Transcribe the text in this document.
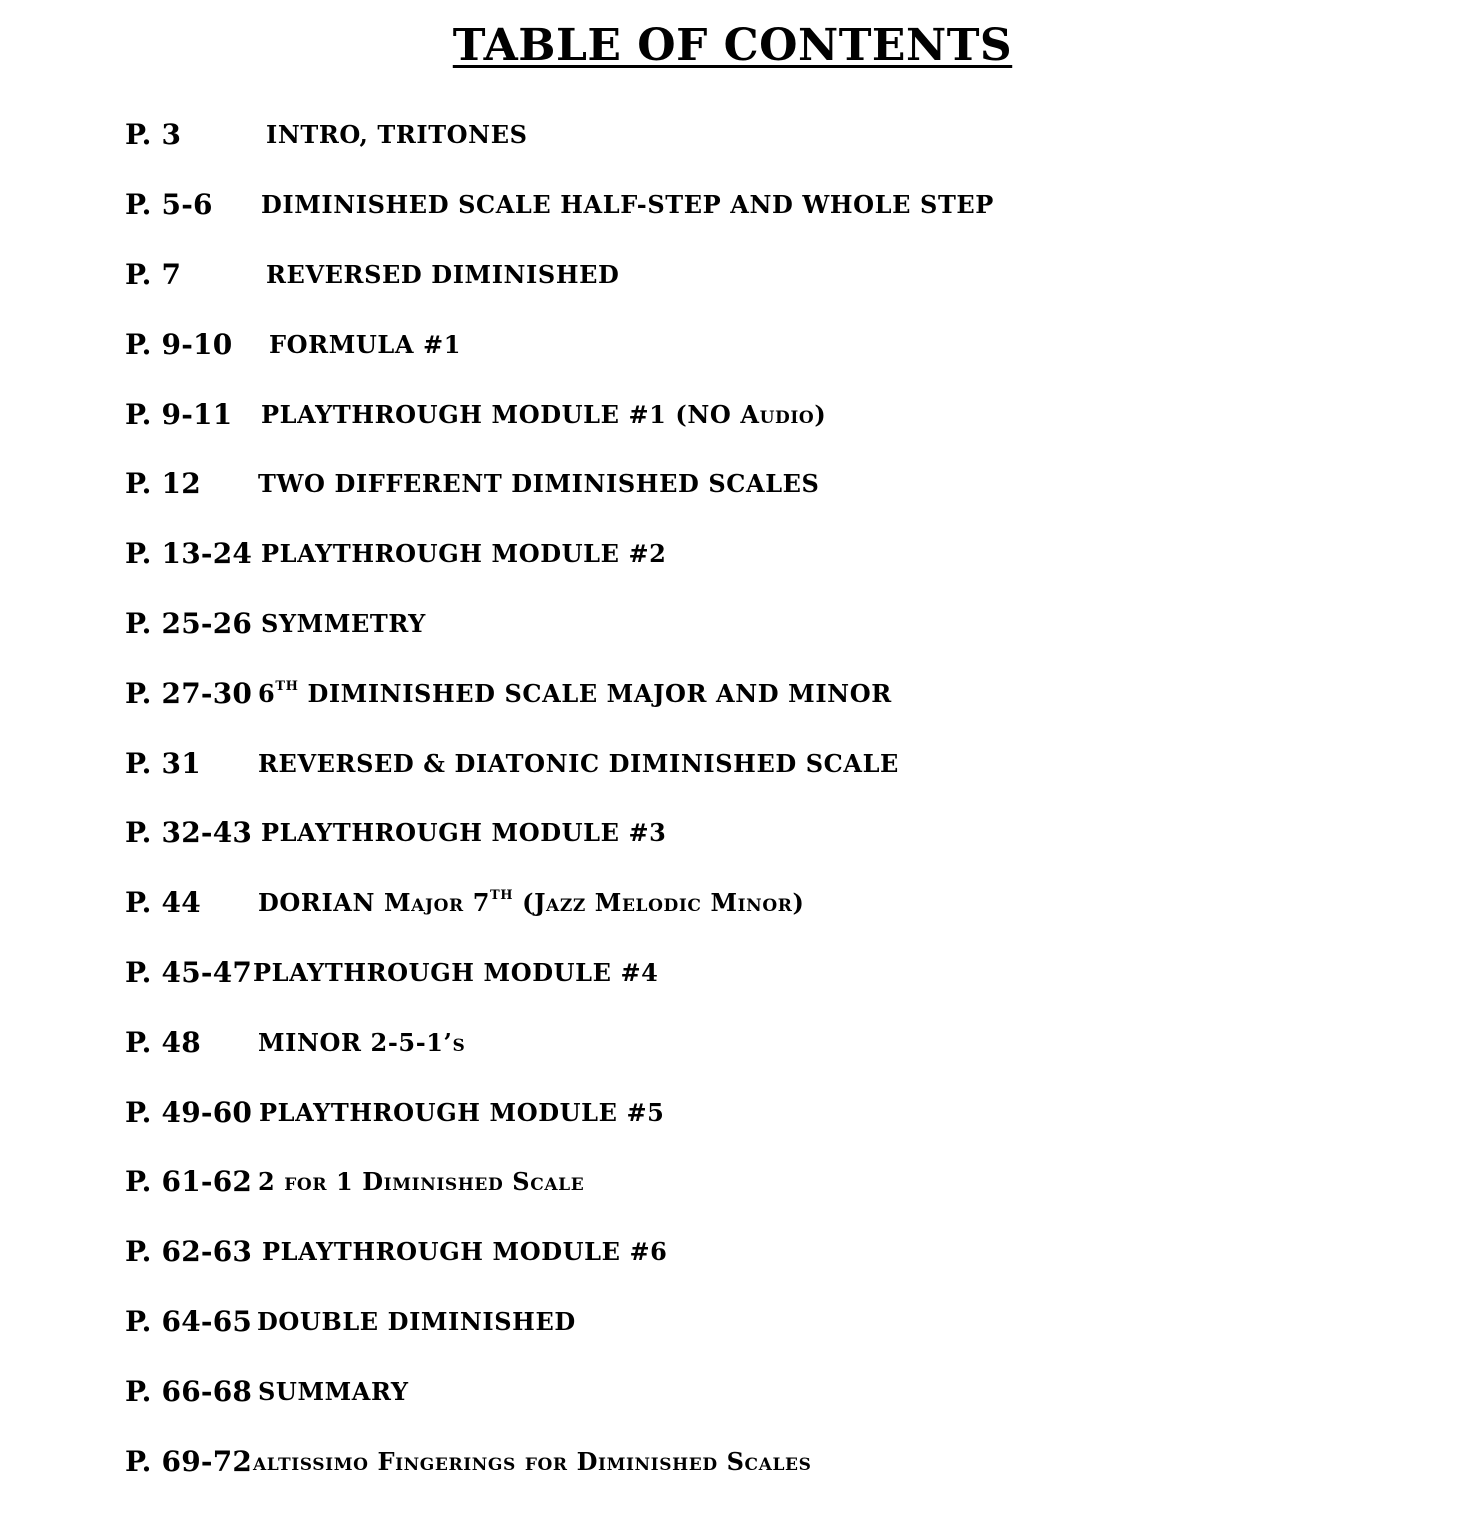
TABLE OF CONTENTS
P. 3	INTRO, TRITONES
P. 5-6	DIMINISHED SCALE HALF-STEP AND WHOLE STEP
P. 7	REVERSED DIMINISHED
P. 9-10	FORMULA #1
P. 9-11	PLAYTHROUGH MODULE #1 (NO Audio)
P. 12	TWO DIFFERENT DIMINISHED SCALES
P. 13-24 PLAYTHROUGH MODULE #2
P. 25-26 SYMMETRY
P. 27-30 6TH DIMINISHED SCALE MAJOR AND MINOR
P. 31	REVERSED & DIATONIC DIMINISHED SCALE
P. 32-43 PLAYTHROUGH MODULE #3
P. 44	DORIAN Major 7TH (Jazz Melodic Minor)
P. 45-47 PLAYTHROUGH MODULE #4
P. 48	MINOR 2-5-1’s
P. 49-60 PLAYTHROUGH MODULE #5
P. 61-62 2 for 1 Diminished Scale
P. 62-63 PLAYTHROUGH MODULE #6
P. 64-65 DOUBLE DIMINISHED
P. 66-68 SUMMARY
P. 69-72 altissimo Fingerings for Diminished Scales
